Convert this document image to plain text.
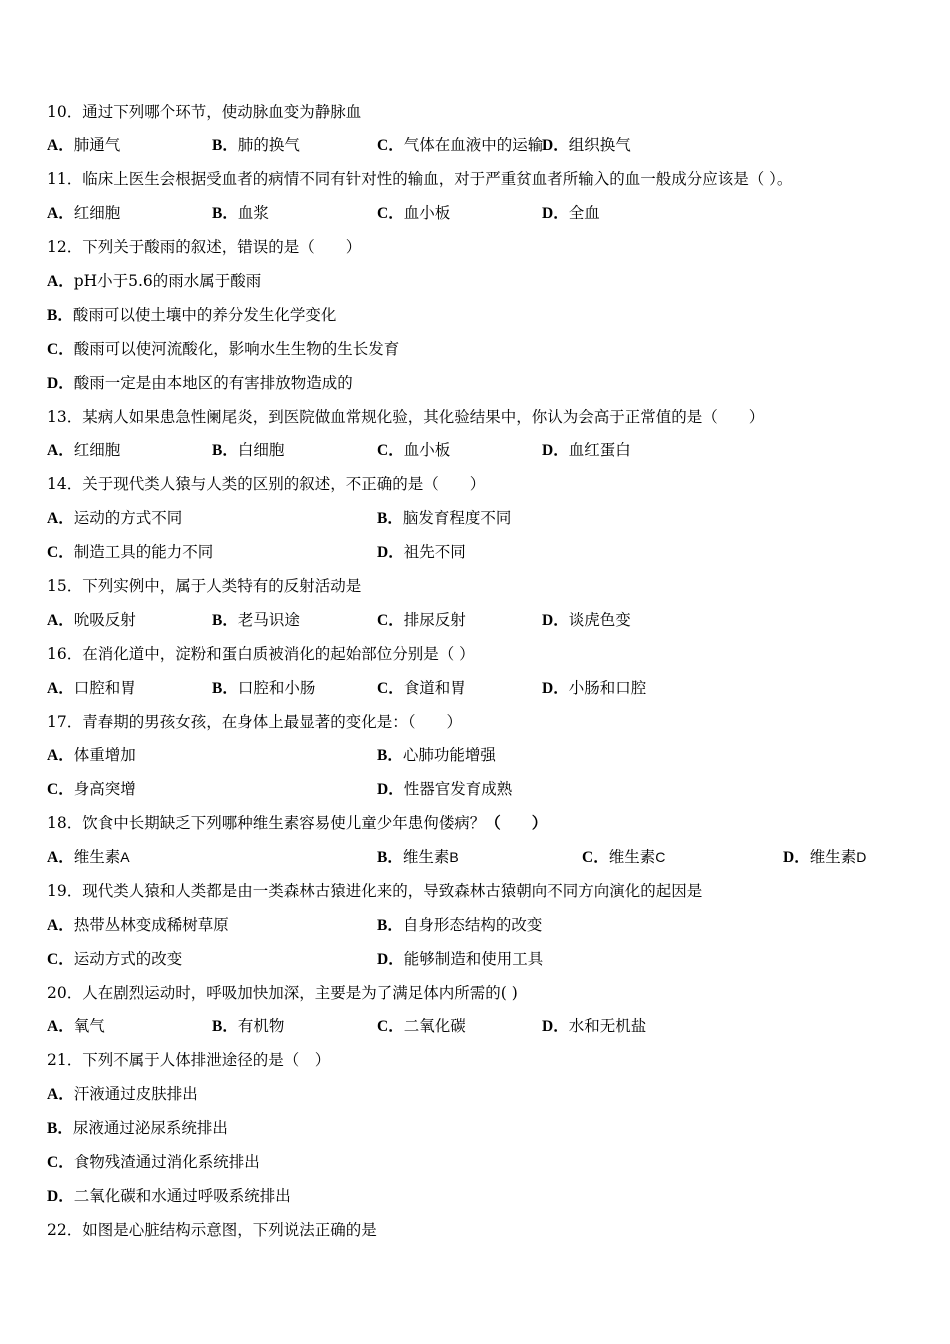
10．通过下列哪个环节，使动脉血变为静脉血
A．肺通气	B．肺的换气	C．气体在血液中的运输
D．组织换气
11．临床上医生会根据受血者的病情不同有针对性的输血，对于严重贫血者所输入的血一般成分应该是（ ）。
A．红细胞	B．血浆	C．血小板	D．全血
12．下列关于酸雨的叙述，错误的是（　　）
A．pH小于5.6的雨水属于酸雨
B．酸雨可以使土壤中的养分发生化学变化
C．酸雨可以使河流酸化，影响水生生物的生长发育
D．酸雨一定是由本地区的有害排放物造成的
13．某病人如果患急性阑尾炎，到医院做血常规化验，其化验结果中，你认为会高于正常值的是（　　）
A．红细胞	B．白细胞	C．血小板	D．血红蛋白
14．关于现代类人猿与人类的区别的叙述，不正确的是（　　）
A．运动的方式不同	B．脑发育程度不同
C．制造工具的能力不同	D．祖先不同
15．下列实例中，属于人类特有的反射活动是
A．吮吸反射	B．老马识途	C．排尿反射	D．谈虎色变
16．在消化道中，淀粉和蛋白质被消化的起始部位分别是（ ）
A．口腔和胃	B．口腔和小肠	C．食道和胃	D．小肠和口腔
17．青春期的男孩女孩，在身体上最显著的变化是：（　　）
A．体重增加	B．心肺功能增强
C．身高突增	D．性器官发育成熟
18．饮食中长期缺乏下列哪种维生素容易使儿童少年患佝偻病？（　　）
A．维生素A	B．维生素B	C．维生素C	D．维生素D
19．现代类人猿和人类都是由一类森林古猿进化来的，导致森林古猿朝向不同方向演化的起因是
A．热带丛林变成稀树草原	B．自身形态结构的改变
C．运动方式的改变	D．能够制造和使用工具
20．人在剧烈运动时，呼吸加快加深，主要是为了满足体内所需的( )
A．氧气	B．有机物	C．二氧化碳	D．水和无机盐
21．下列不属于人体排泄途径的是（　）
A．汗液通过皮肤排出
B．尿液通过泌尿系统排出
C．食物残渣通过消化系统排出
D．二氧化碳和水通过呼吸系统排出
22．如图是心脏结构示意图，下列说法正确的是
